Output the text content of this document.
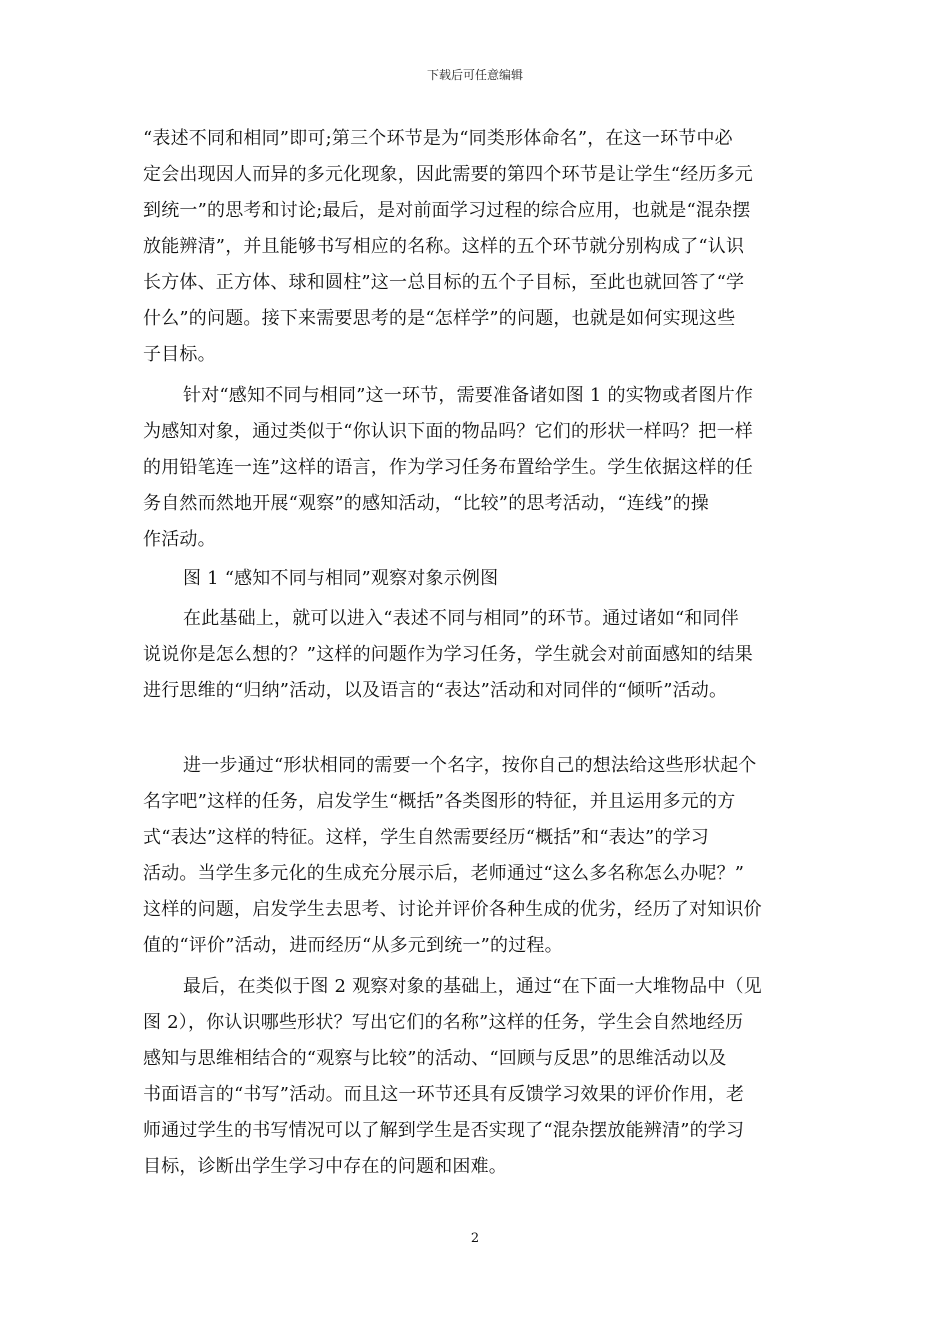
下载后可任意编辑
“表述不同和相同”即可;第三个环节是为“同类形体命名”，在这一环节中必
定会出现因人而异的多元化现象，因此需要的第四个环节是让学生“经历多元
到统一”的思考和讨论;最后，是对前面学习过程的综合应用，也就是“混杂摆
放能辨清”，并且能够书写相应的名称。这样的五个环节就分别构成了“认识
长方体、正方体、球和圆柱”这一总目标的五个子目标，至此也就回答了“学
什么”的问题。接下来需要思考的是“怎样学”的问题，也就是如何实现这些
子目标。
针对“感知不同与相同”这一环节，需要准备诸如图 1 的实物或者图片作
为感知对象，通过类似于“你认识下面的物品吗？它们的形状一样吗？把一样
的用铅笔连一连”这样的语言，作为学习任务布置给学生。学生依据这样的任
务自然而然地开展“观察”的感知活动，“比较”的思考活动，“连线”的操
作活动。
图 1 “感知不同与相同”观察对象示例图
在此基础上，就可以进入“表述不同与相同”的环节。通过诸如“和同伴
说说你是怎么想的？”这样的问题作为学习任务，学生就会对前面感知的结果
进行思维的“归纳”活动，以及语言的“表达”活动和对同伴的“倾听”活动。
进一步通过“形状相同的需要一个名字，按你自己的想法给这些形状起个
名字吧”这样的任务，启发学生“概括”各类图形的特征，并且运用多元的方
式“表达”这样的特征。这样，学生自然需要经历“概括”和“表达”的学习
活动。当学生多元化的生成充分展示后，老师通过“这么多名称怎么办呢？”
这样的问题，启发学生去思考、讨论并评价各种生成的优劣，经历了对知识价
值的“评价”活动，进而经历“从多元到统一”的过程。
最后，在类似于图 2 观察对象的基础上，通过“在下面一大堆物品中（见
图 2），你认识哪些形状？写出它们的名称”这样的任务，学生会自然地经历
感知与思维相结合的“观察与比较”的活动、“回顾与反思”的思维活动以及
书面语言的“书写”活动。而且这一环节还具有反馈学习效果的评价作用，老
师通过学生的书写情况可以了解到学生是否实现了“混杂摆放能辨清”的学习
目标，诊断出学生学习中存在的问题和困难。
2
